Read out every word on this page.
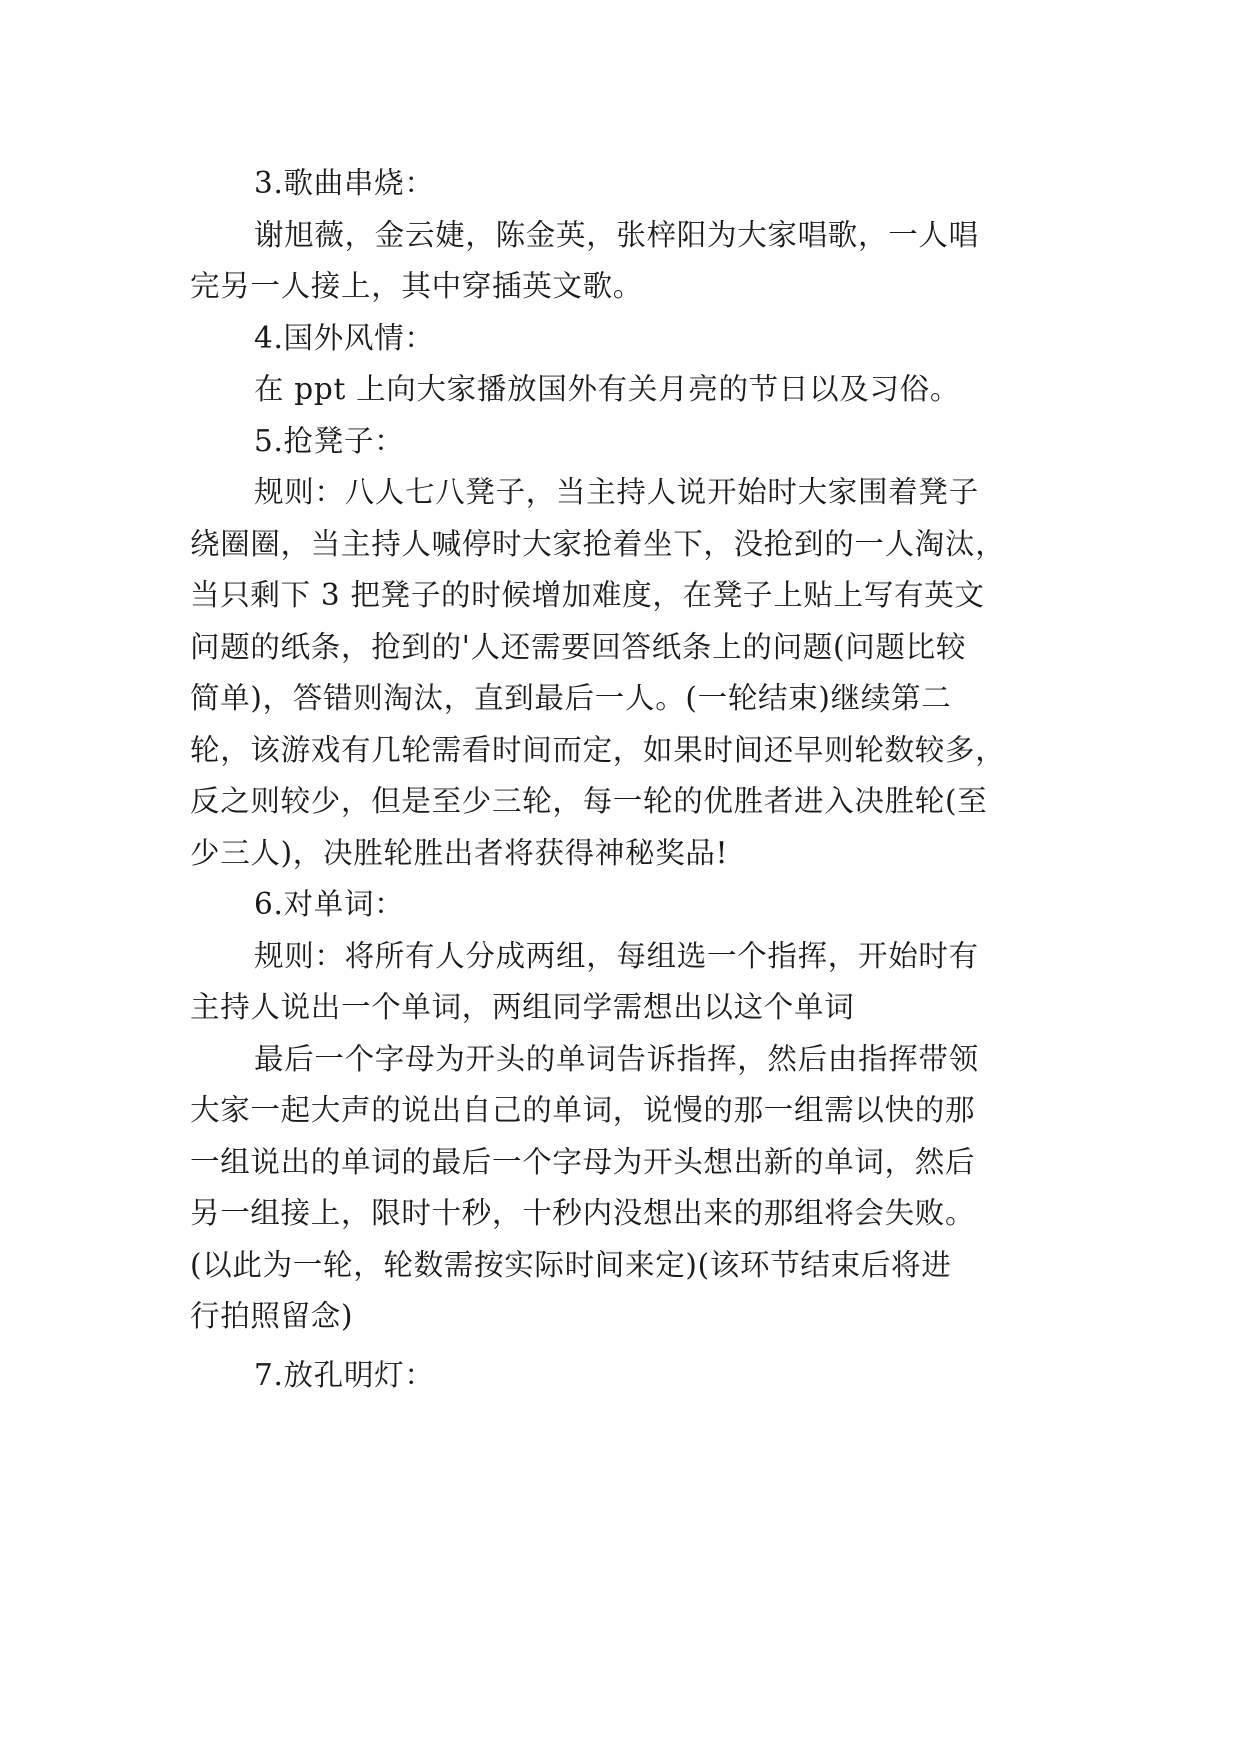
3.歌曲串烧：
谢旭薇，金云婕，陈金英，张梓阳为大家唱歌，一人唱
完另一人接上，其中穿插英文歌。
4.国外风情：
在 ppt 上向大家播放国外有关月亮的节日以及习俗。
5.抢凳子：
规则：八人七八凳子，当主持人说开始时大家围着凳子
绕圈圈，当主持人喊停时大家抢着坐下，没抢到的一人淘汰，
当只剩下 3 把凳子的时候增加难度，在凳子上贴上写有英文
问题的纸条，抢到的'人还需要回答纸条上的问题(问题比较
简单)，答错则淘汰，直到最后一人。(一轮结束)继续第二
轮，该游戏有几轮需看时间而定，如果时间还早则轮数较多，
反之则较少，但是至少三轮，每一轮的优胜者进入决胜轮(至
少三人)，决胜轮胜出者将获得神秘奖品!
6.对单词：
规则：将所有人分成两组，每组选一个指挥，开始时有
主持人说出一个单词，两组同学需想出以这个单词
最后一个字母为开头的单词告诉指挥，然后由指挥带领
大家一起大声的说出自己的单词，说慢的那一组需以快的那
一组说出的单词的最后一个字母为开头想出新的单词，然后
另一组接上，限时十秒，十秒内没想出来的那组将会失败。
(以此为一轮，轮数需按实际时间来定)(该环节结束后将进
行拍照留念)
7.放孔明灯：
